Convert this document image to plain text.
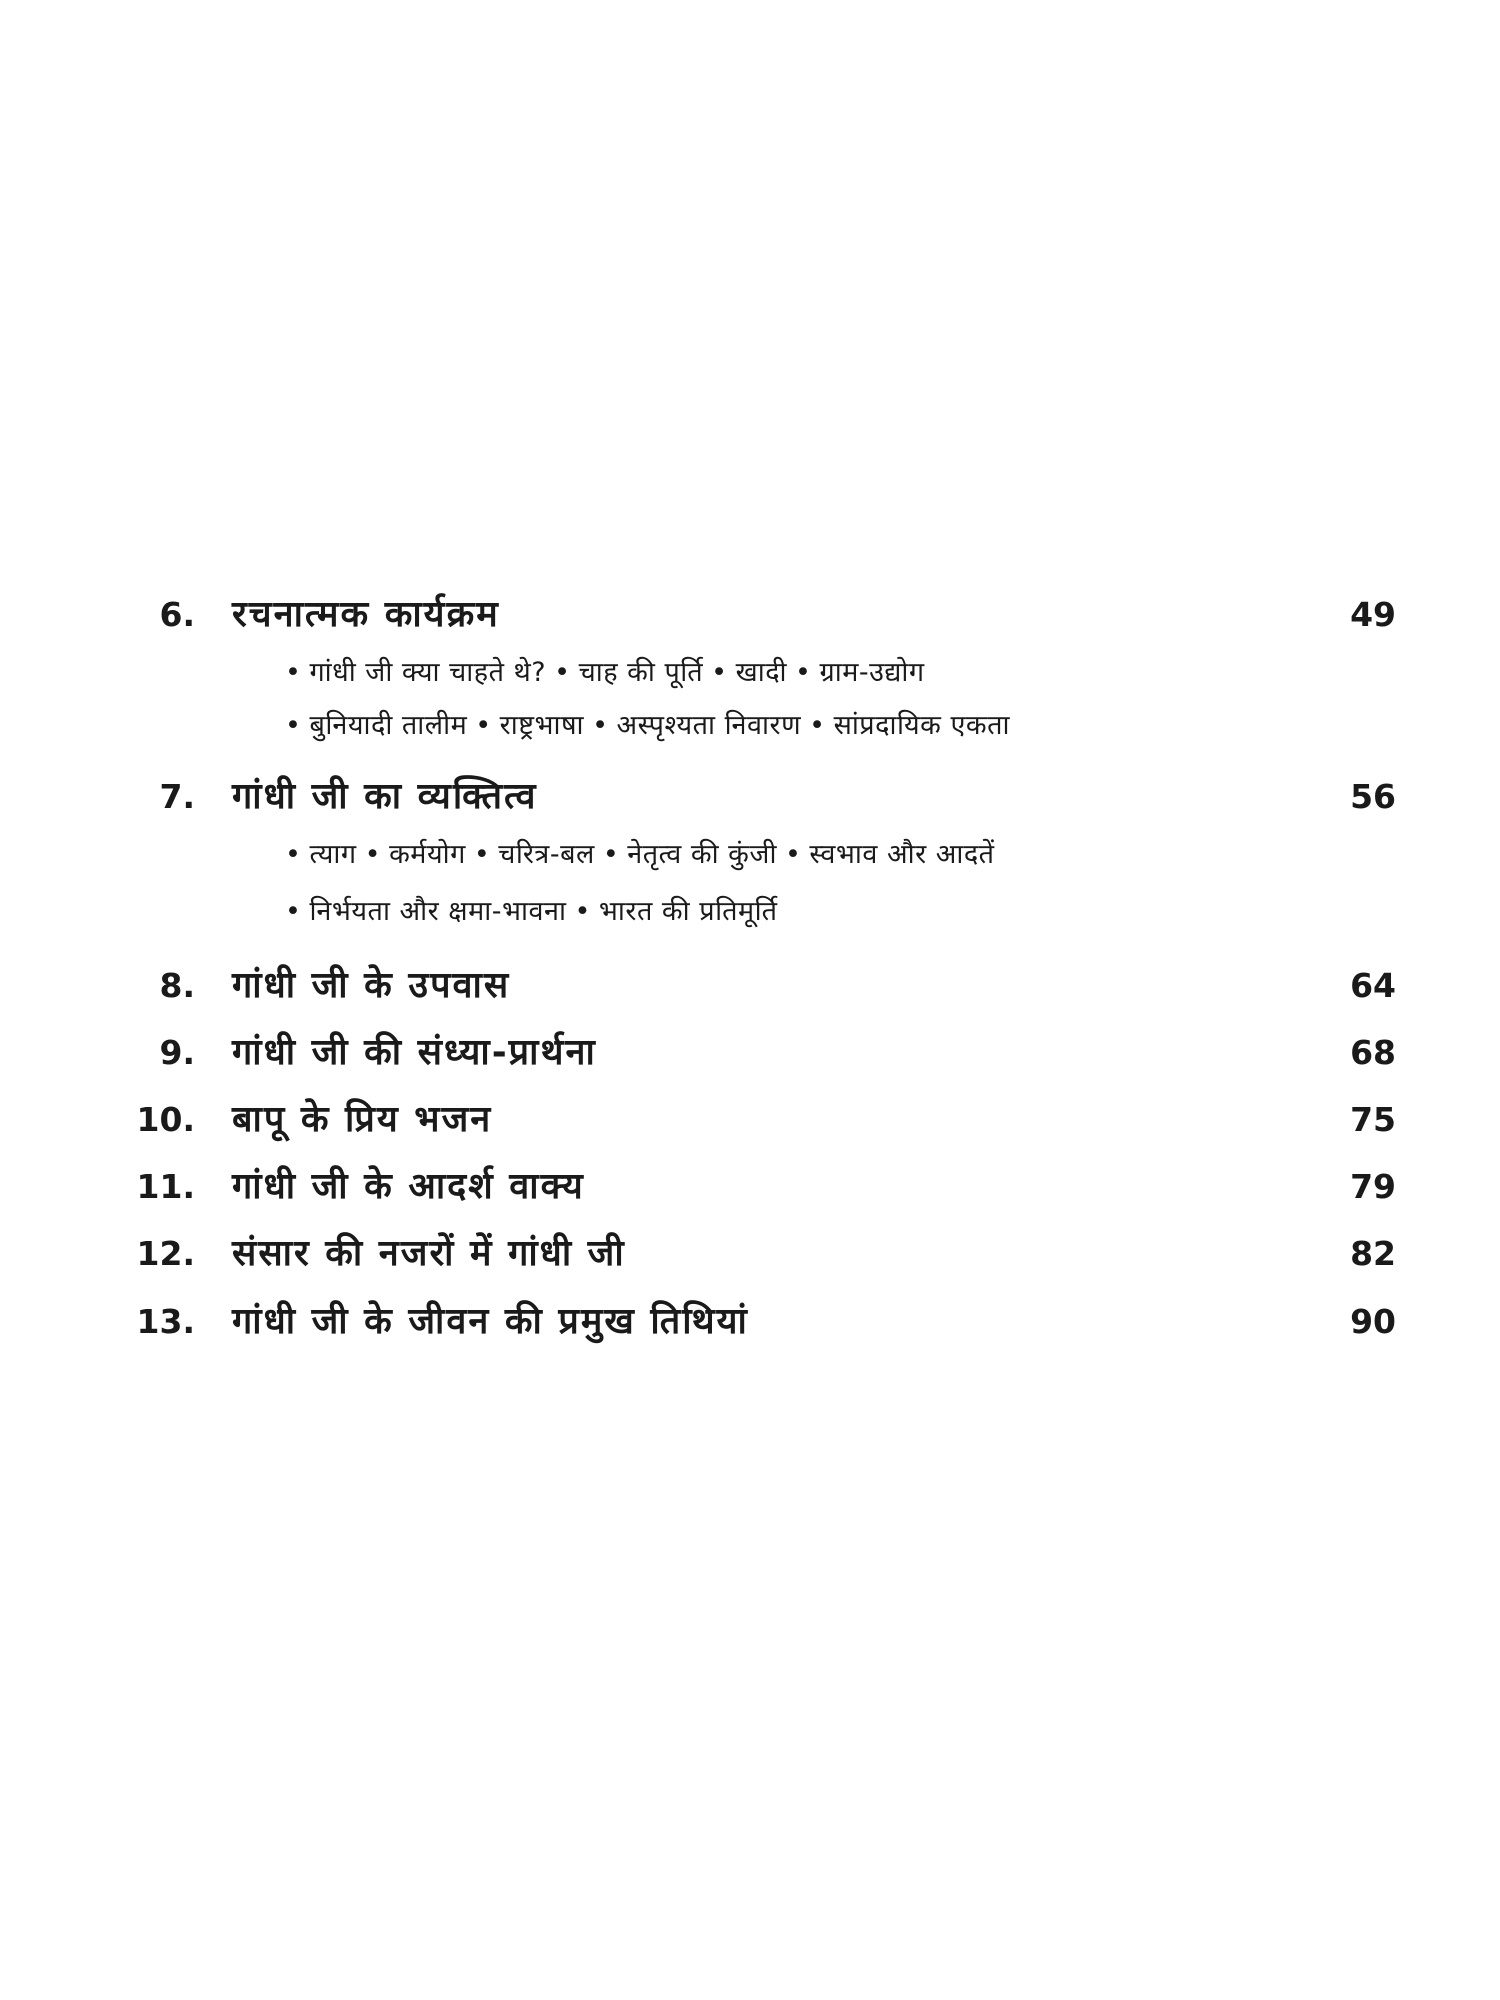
6. रचनात्मक कार्यक्रम	49
• गांधी जी क्या चाहते थे? • चाह की पूर्ति • खादी • ग्राम-उद्योग
• बुनियादी तालीम • राष्ट्रभाषा • अस्पृश्यता निवारण • सांप्रदायिक एकता
7. गांधी जी का व्यक्तित्व	56
• त्याग • कर्मयोग • चरित्र-बल • नेतृत्व की कुंजी • स्वभाव और आदतें
• निर्भयता और क्षमा-भावना • भारत की प्रतिमूर्ति
8. गांधी जी के उपवास	64
9. गांधी जी की संध्या-प्रार्थना	68
10. बापू के प्रिय भजन	75
11. गांधी जी के आदर्श वाक्य	79
12. संसार की नजरों में गांधी जी	82
13. गांधी जी के जीवन की प्रमुख तिथियां	90
